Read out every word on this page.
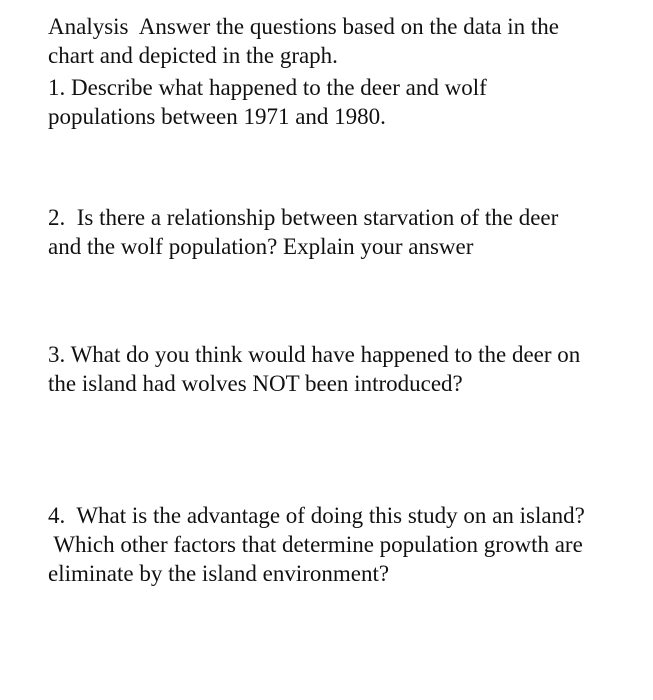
Analysis  Answer the questions based on the data in the
chart and depicted in the graph.

1. Describe what happened to the deer and wolf
populations between 1971 and 1980.

2.  Is there a relationship between starvation of the deer
and the wolf population? Explain your answer

3. What do you think would have happened to the deer on
the island had wolves NOT been introduced?

4.  What is the advantage of doing this study on an island?
Which other factors that determine population growth are
eliminate by the island environment?
